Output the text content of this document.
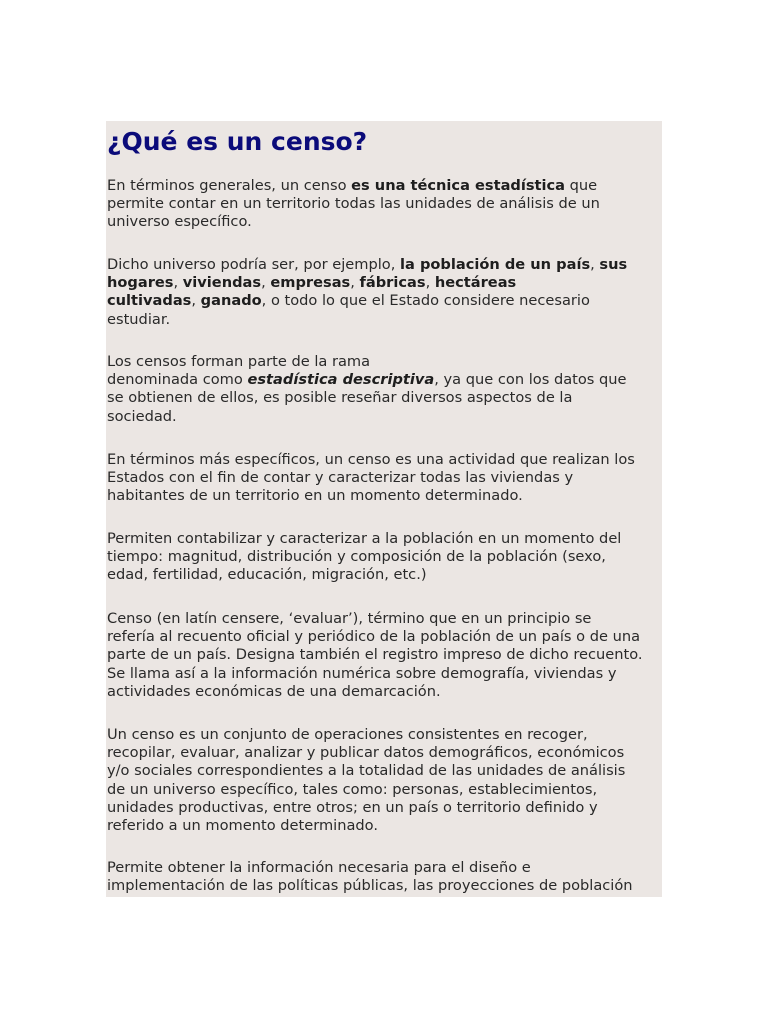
¿Qué es un censo?

En términos generales, un censo es una técnica estadística que
permite contar en un territorio todas las unidades de análisis de un
universo específico.

Dicho universo podría ser, por ejemplo, la población de un país, sus
hogares, viviendas, empresas, fábricas, hectáreas
cultivadas, ganado, o todo lo que el Estado considere necesario
estudiar.

Los censos forman parte de la rama
denominada como estadística descriptiva, ya que con los datos que
se obtienen de ellos, es posible reseñar diversos aspectos de la
sociedad.

En términos más específicos, un censo es una actividad que realizan los
Estados con el fin de contar y caracterizar todas las viviendas y
habitantes de un territorio en un momento determinado.

Permiten contabilizar y caracterizar a la población en un momento del
tiempo: magnitud, distribución y composición de la población (sexo,
edad, fertilidad, educación, migración, etc.)

Censo (en latín censere, ‘evaluar’), término que en un principio se
refería al recuento oficial y periódico de la población de un país o de una
parte de un país. Designa también el registro impreso de dicho recuento.
Se llama así a la información numérica sobre demografía, viviendas y
actividades económicas de una demarcación.

Un censo es un conjunto de operaciones consistentes en recoger,
recopilar, evaluar, analizar y publicar datos demográficos, económicos
y/o sociales correspondientes a la totalidad de las unidades de análisis
de un universo específico, tales como: personas, establecimientos,
unidades productivas, entre otros; en un país o territorio definido y
referido a un momento determinado.

Permite obtener la información necesaria para el diseño e
implementación de las políticas públicas, las proyecciones de población
